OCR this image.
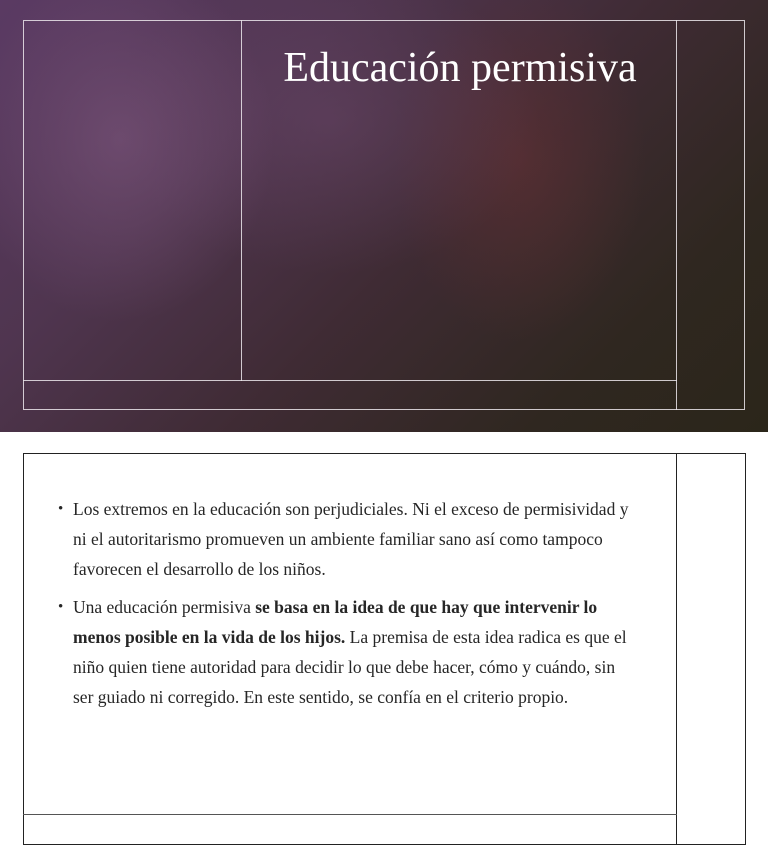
Educación permisiva
• Los extremos en la educación son perjudiciales. Ni el exceso de permisividad y ni el autoritarismo promueven un ambiente familiar sano así como tampoco favorecen el desarrollo de los niños.
• Una educación permisiva se basa en la idea de que hay que intervenir lo menos posible en la vida de los hijos. La premisa de esta idea radica es que el niño quien tiene autoridad para decidir lo que debe hacer, cómo y cuándo, sin ser guiado ni corregido. En este sentido, se confía en el criterio propio.
